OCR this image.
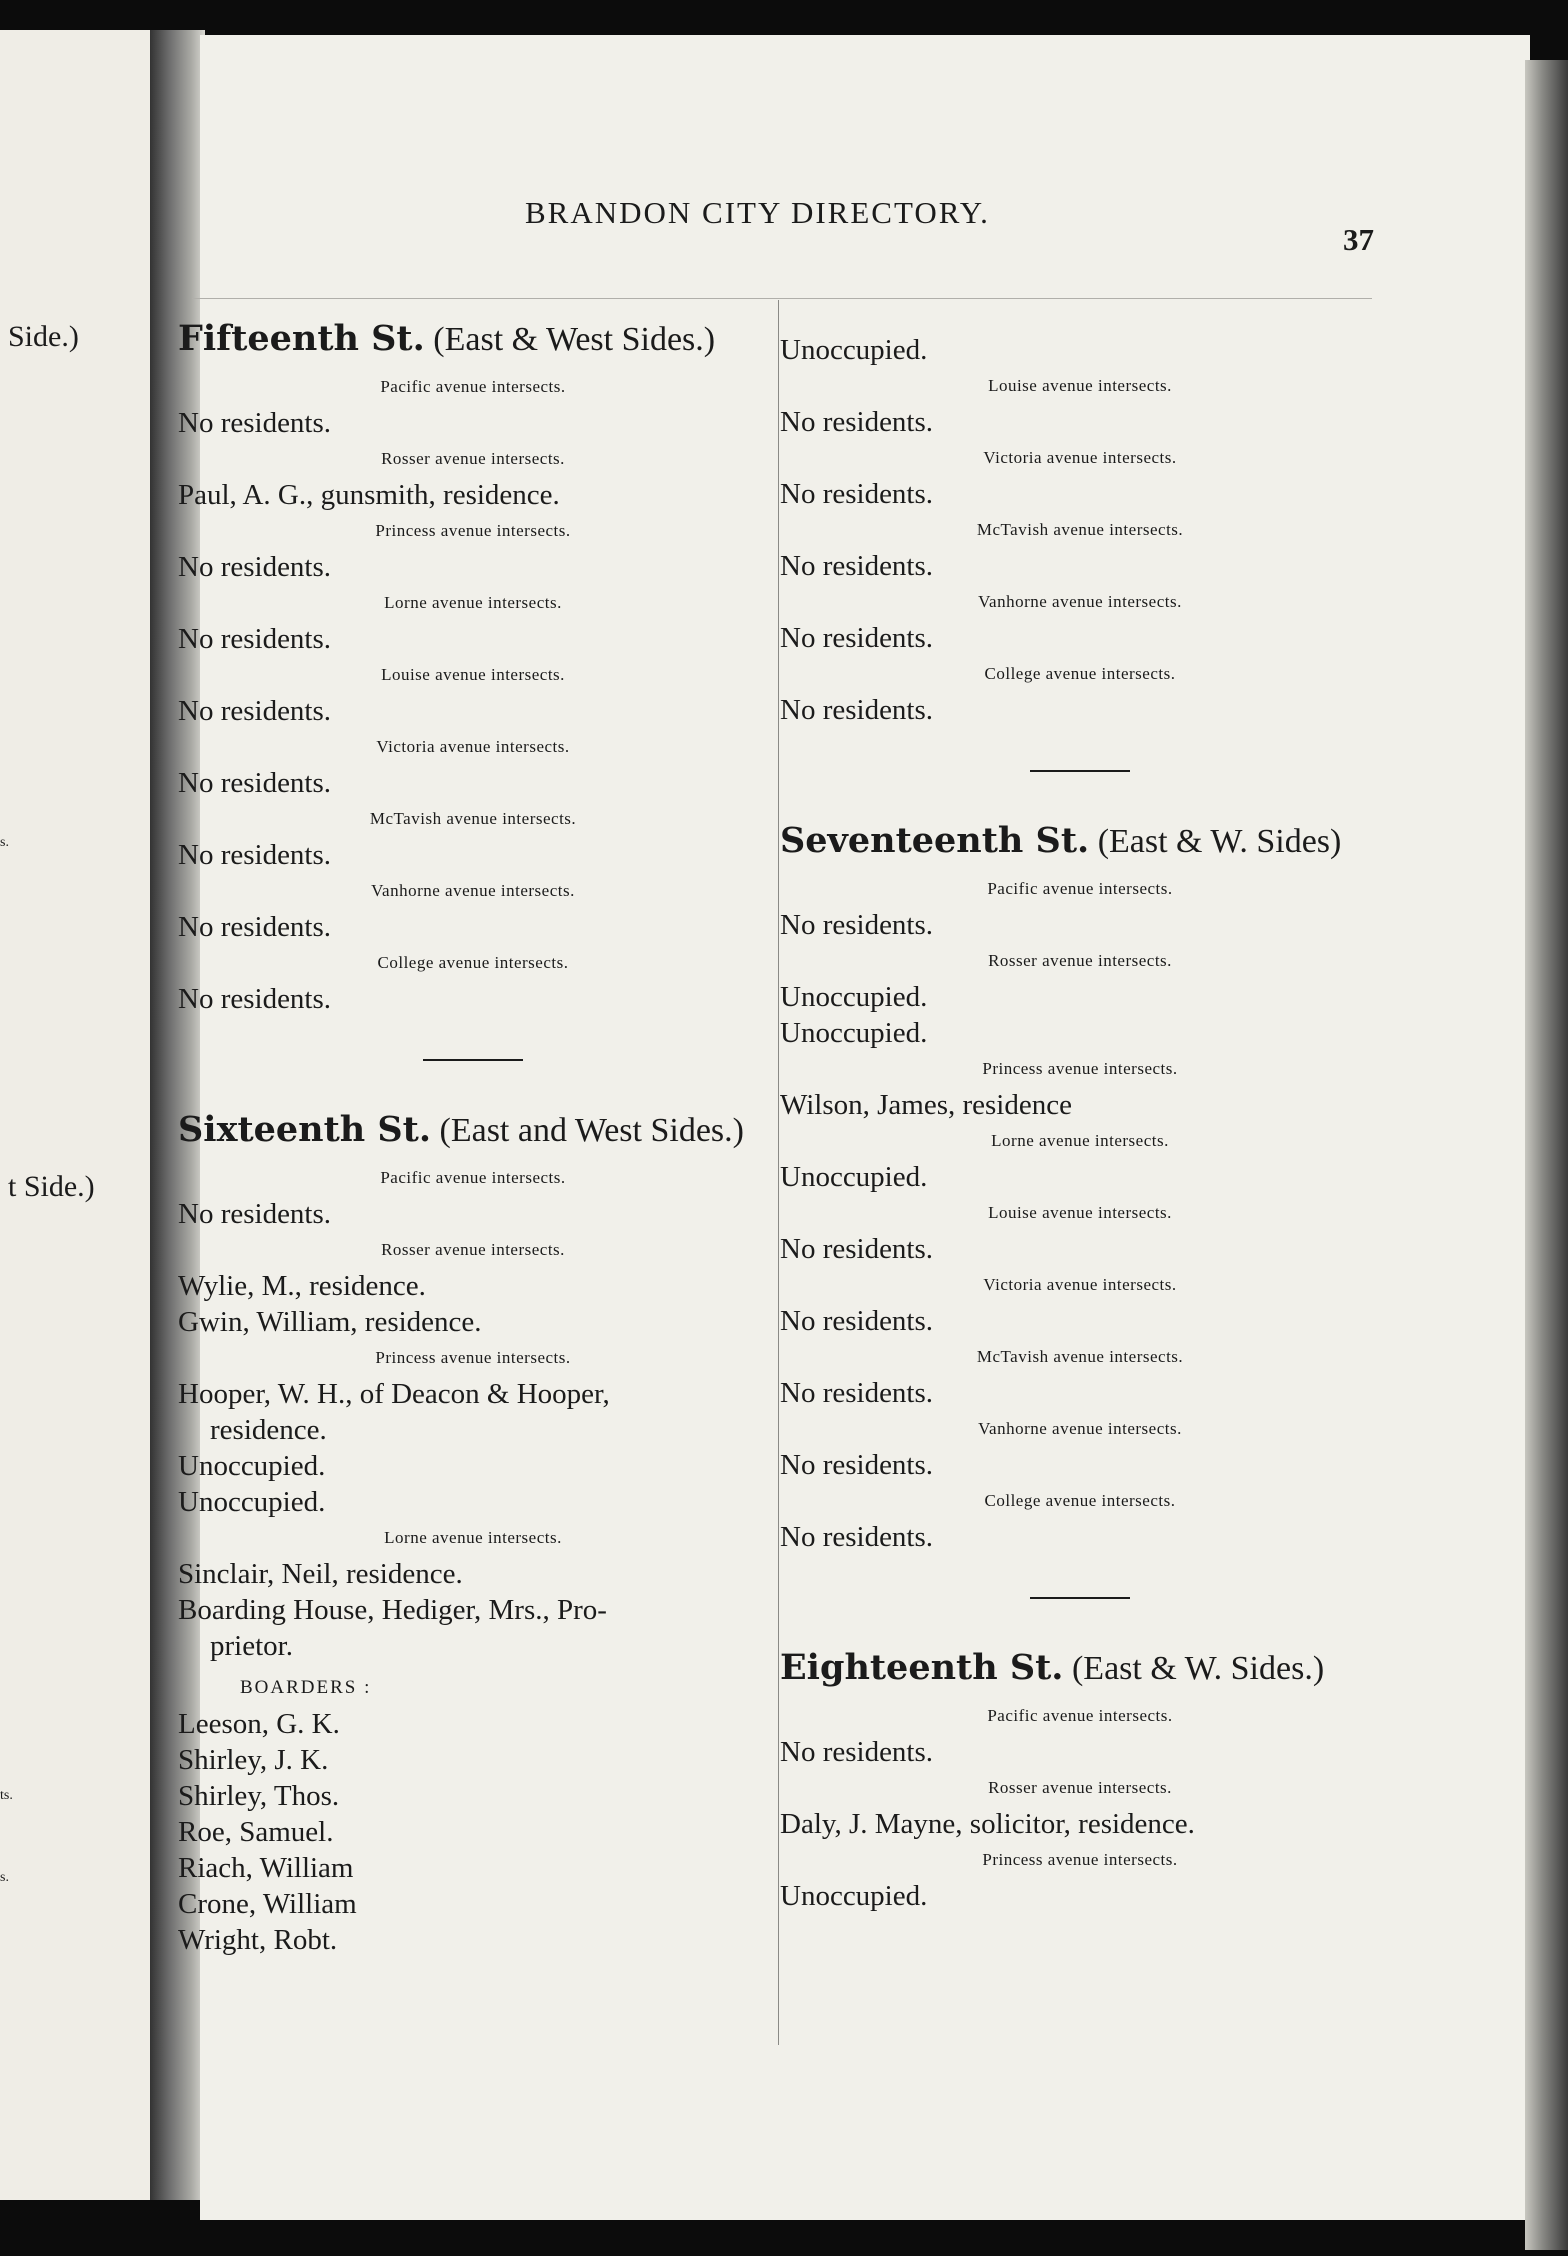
Side.)
t Side.)
s.
ts.
s.
BRANDON CITY DIRECTORY.
37
Fifteenth St. (East & West Sides.)
Pacific avenue intersects.
No residents.
Rosser avenue intersects.
Paul, A. G., gunsmith, residence.
Princess avenue intersects.
No residents.
Lorne avenue intersects.
No residents.
Louise avenue intersects.
No residents.
Victoria avenue intersects.
No residents.
McTavish avenue intersects.
No residents.
Vanhorne avenue intersects.
No residents.
College avenue intersects.
No residents.
Sixteenth St. (East and West Sides.)
Pacific avenue intersects.
No residents.
Rosser avenue intersects.
Wylie, M., residence.
Gwin, William, residence.
Princess avenue intersects.
Hooper, W. H., of Deacon & Hooper,
residence.
Unoccupied.
Unoccupied.
Lorne avenue intersects.
Sinclair, Neil, residence.
Boarding House, Hediger, Mrs., Pro-
prietor.
BOARDERS :
Leeson, G. K.
Shirley, J. K.
Shirley, Thos.
Roe, Samuel.
Riach, William
Crone, William
Wright, Robt.
Unoccupied.
Louise avenue intersects.
No residents.
Victoria avenue intersects.
No residents.
McTavish avenue intersects.
No residents.
Vanhorne avenue intersects.
No residents.
College avenue intersects.
No residents.
Seventeenth St. (East & W. Sides)
Pacific avenue intersects.
No residents.
Rosser avenue intersects.
Unoccupied.
Unoccupied.
Princess avenue intersects.
Wilson, James, residence
Lorne avenue intersects.
Unoccupied.
Louise avenue intersects.
No residents.
Victoria avenue intersects.
No residents.
McTavish avenue intersects.
No residents.
Vanhorne avenue intersects.
No residents.
College avenue intersects.
No residents.
Eighteenth St. (East & W. Sides.)
Pacific avenue intersects.
No residents.
Rosser avenue intersects.
Daly, J. Mayne, solicitor, residence.
Princess avenue intersects.
Unoccupied.
